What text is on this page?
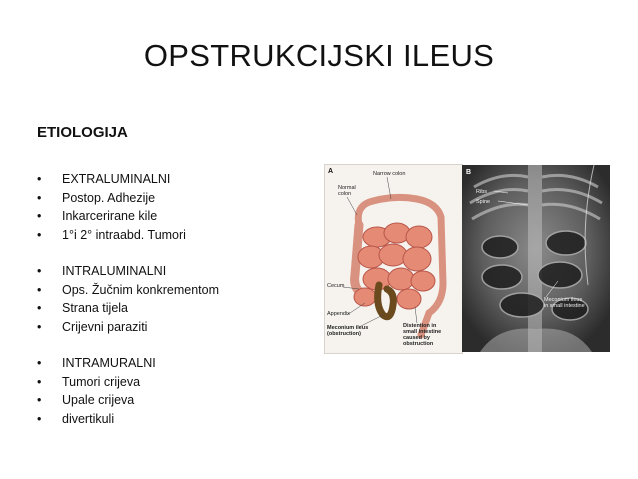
OPSTRUKCIJSKI ILEUS
ETIOLOGIJA
• EXTRALUMINALNI
• Postop. Adhezije
• Inkarcerirane kile
• 1°i 2° intraabd. Tumori
• INTRALUMINALNI
• Ops. Žučnim konkrementom
• Strana tijela
• Crijevni paraziti
• INTRAMURALNI
• Tumori crijeva
• Upale crijeva
• divertikuli
A	Narrow colon
Normal
colon
Cecum
Appendix
Meconium ileus
(obstruction)
Distention in
small intestine
caused by
obstruction
B
Ribs
Spine
Meconium ileus
in small intestine
